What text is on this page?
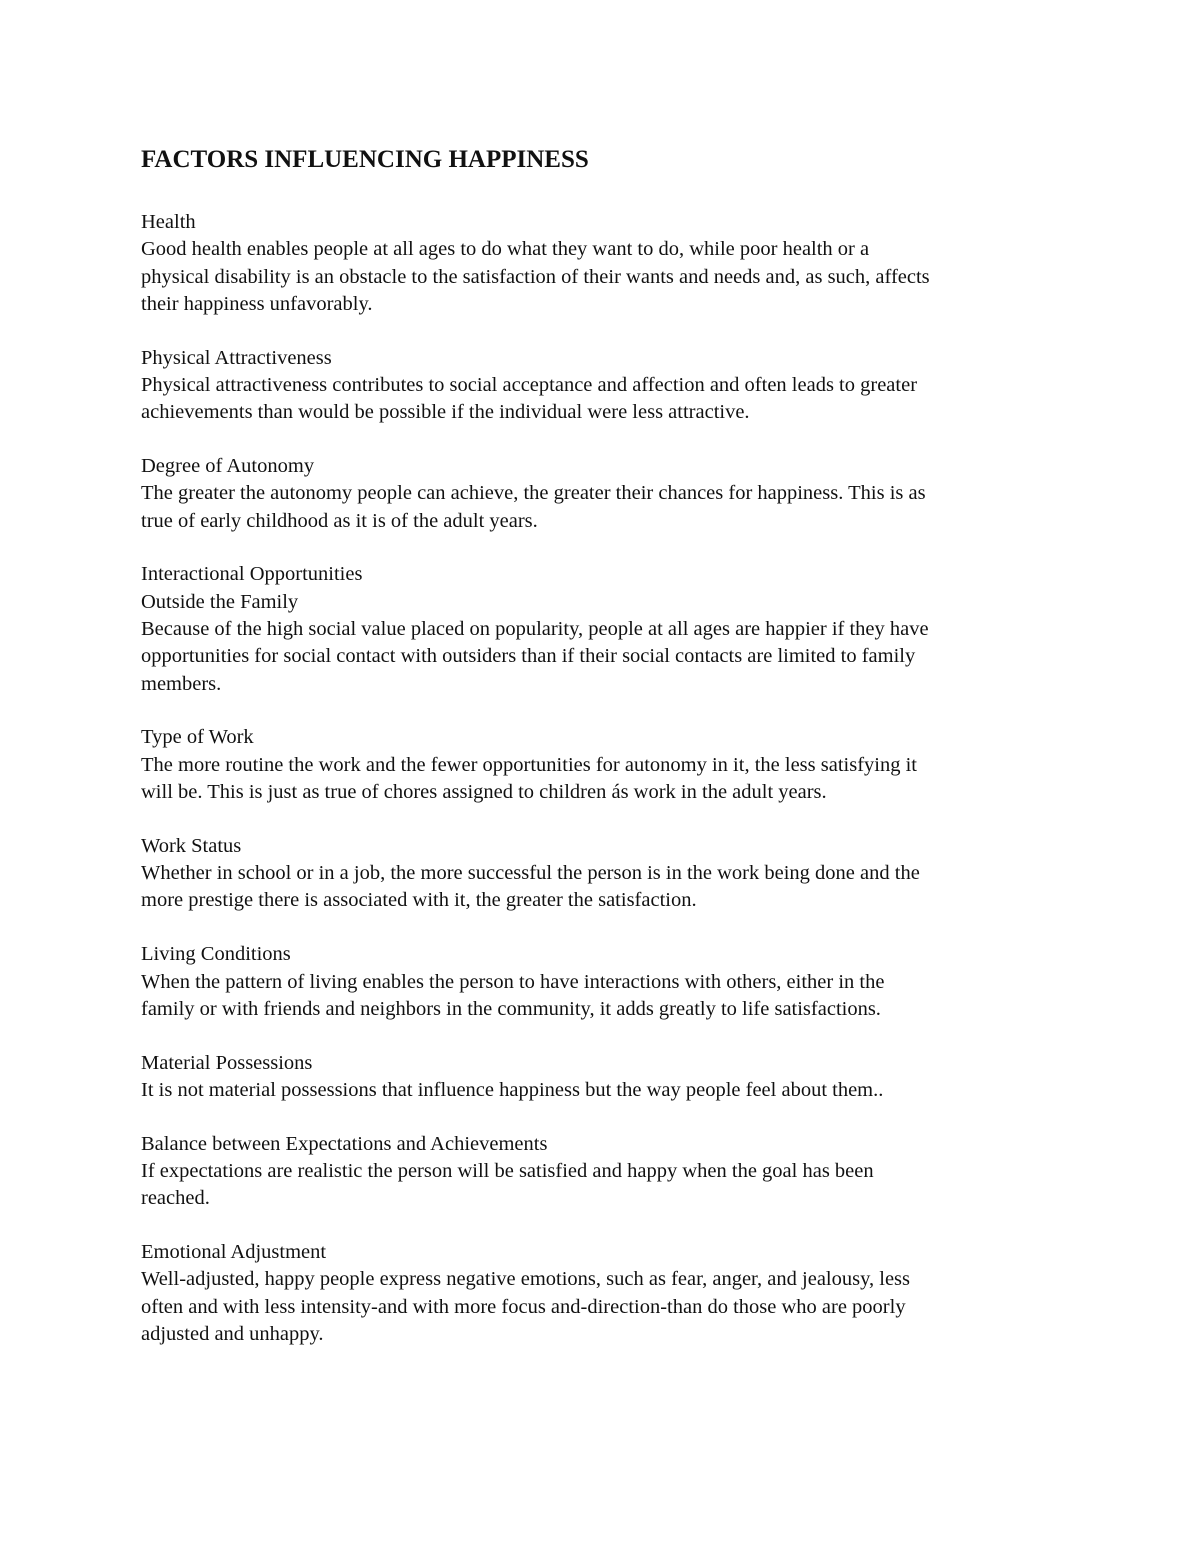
FACTORS INFLUENCING HAPPINESS
Health
Good health enables people at all ages to do what they want to do, while poor health or a
physical disability is an obstacle to the satisfaction of their wants and needs and, as such, affects
their happiness unfavorably.
Physical Attractiveness
Physical attractiveness contributes to social acceptance and affection and often leads to greater
achievements than would be possible if the individual were less attractive.
Degree of Autonomy
The greater the autonomy people can achieve, the greater their chances for happiness. This is as
true of early childhood as it is of the adult years.
Interactional Opportunities
Outside the Family
Because of the high social value placed on popularity, people at all ages are happier if they have
opportunities for social contact with outsiders than if their social contacts are limited to family
members.
Type of Work
The more routine the work and the fewer opportunities for autonomy in it, the less satisfying it
will be. This is just as true of chores assigned to children ás work in the adult years.
Work Status
Whether in school or in a job, the more successful the person is in the work being done and the
more prestige there is associated with it, the greater the satisfaction.
Living Conditions
When the pattern of living enables the person to have interactions with others, either in the
family or with friends and neighbors in the community, it adds greatly to life satisfactions.
Material Possessions
It is not material possessions that influence happiness but the way people feel about them..
Balance between Expectations and Achievements
If expectations are realistic the person will be satisfied and happy when the goal has been
reached.
Emotional Adjustment
Well-adjusted, happy people express negative emotions, such as fear, anger, and jealousy, less
often and with less intensity-and with more focus and-direction-than do those who are poorly
adjusted and unhappy.
